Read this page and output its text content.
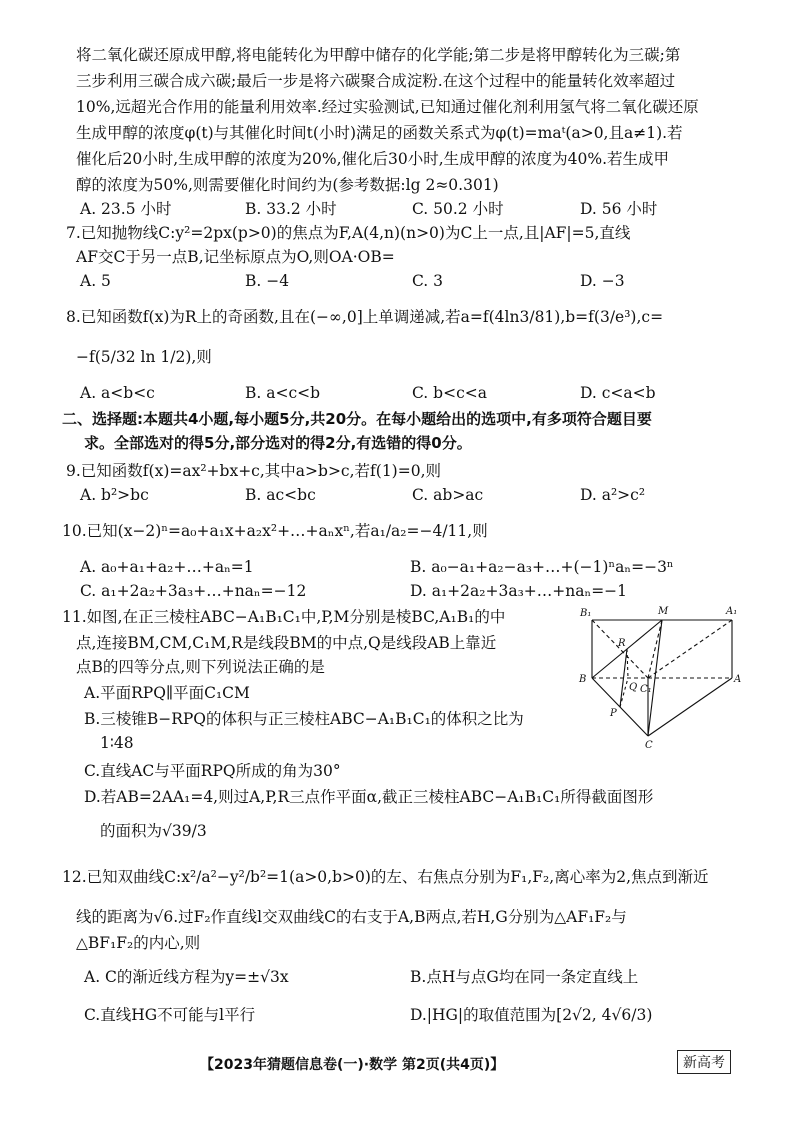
将二氧化碳还原成甲醇,将电能转化为甲醇中储存的化学能;第二步是将甲醇转化为三碳;第
三步利用三碳合成六碳;最后一步是将六碳聚合成淀粉.在这个过程中的能量转化效率超过
10%,远超光合作用的能量利用效率.经过实验测试,已知通过催化剂利用氢气将二氧化碳还原
生成甲醇的浓度φ(t)与其催化时间t(小时)满足的函数关系式为φ(t)=maᵗ(a>0,且a≠1).若
催化后20小时,生成甲醇的浓度为20%,催化后30小时,生成甲醇的浓度为40%.若生成甲
醇的浓度为50%,则需要催化时间约为(参考数据:lg 2≈0.301)
A. 23.5 小时	B. 33.2 小时	C. 50.2 小时	D. 56 小时
7.已知抛物线C:y²=2px(p>0)的焦点为F,A(4,n)(n>0)为C上一点,且|AF|=5,直线
AF交C于另一点B,记坐标原点为O,则OA·OB=
A. 5	B. −4	C. 3	D. −3
8.已知函数f(x)为R上的奇函数,且在(−∞,0]上单调递减,若a=f(4ln3/81),b=f(3/e³),c=
−f(5/32 ln 1/2),则
A. a<b<c	B. a<c<b	C. b<c<a	D. c<a<b
二、选择题:本题共4小题,每小题5分,共20分。在每小题给出的选项中,有多项符合题目要
求。全部选对的得5分,部分选对的得2分,有选错的得0分。
9.已知函数f(x)=ax²+bx+c,其中a>b>c,若f(1)=0,则
A. b²>bc	B. ac<bc	C. ab>ac	D. a²>c²
10.已知(x−2)ⁿ=a₀+a₁x+a₂x²+…+aₙxⁿ,若a₁/a₂=−4/11,则
A. a₀+a₁+a₂+…+aₙ=1	B. a₀−a₁+a₂−a₃+…+(−1)ⁿaₙ=−3ⁿ
C. a₁+2a₂+3a₃+…+naₙ=−12	D. a₁+2a₂+3a₃+…+naₙ=−1
11.如图,在正三棱柱ABC−A₁B₁C₁中,P,M分别是棱BC,A₁B₁的中
点,连接BM,CM,C₁M,R是线段BM的中点,Q是线段AB上靠近
点B的四等分点,则下列说法正确的是
A.平面RPQ∥平面C₁CM
B.三棱锥B−RPQ的体积与正三棱柱ABC−A₁B₁C₁的体积之比为
1∶48
C.直线AC与平面RPQ所成的角为30°
D.若AB=2AA₁=4,则过A,P,R三点作平面α,截正三棱柱ABC−A₁B₁C₁所得截面图形
的面积为√39/3
B₁	M	A₁
R
B
Q C₁
A
P
C
12.已知双曲线C:x²/a²−y²/b²=1(a>0,b>0)的左、右焦点分别为F₁,F₂,离心率为2,焦点到渐近
线的距离为√6.过F₂作直线l交双曲线C的右支于A,B两点,若H,G分别为△AF₁F₂与
△BF₁F₂的内心,则
A. C的渐近线方程为y=±√3x	B.点H与点G均在同一条定直线上
C.直线HG不可能与l平行	D.|HG|的取值范围为[2√2, 4√6/3)
【2023年猜题信息卷(一)·数学 第2页(共4页)】	新高考
